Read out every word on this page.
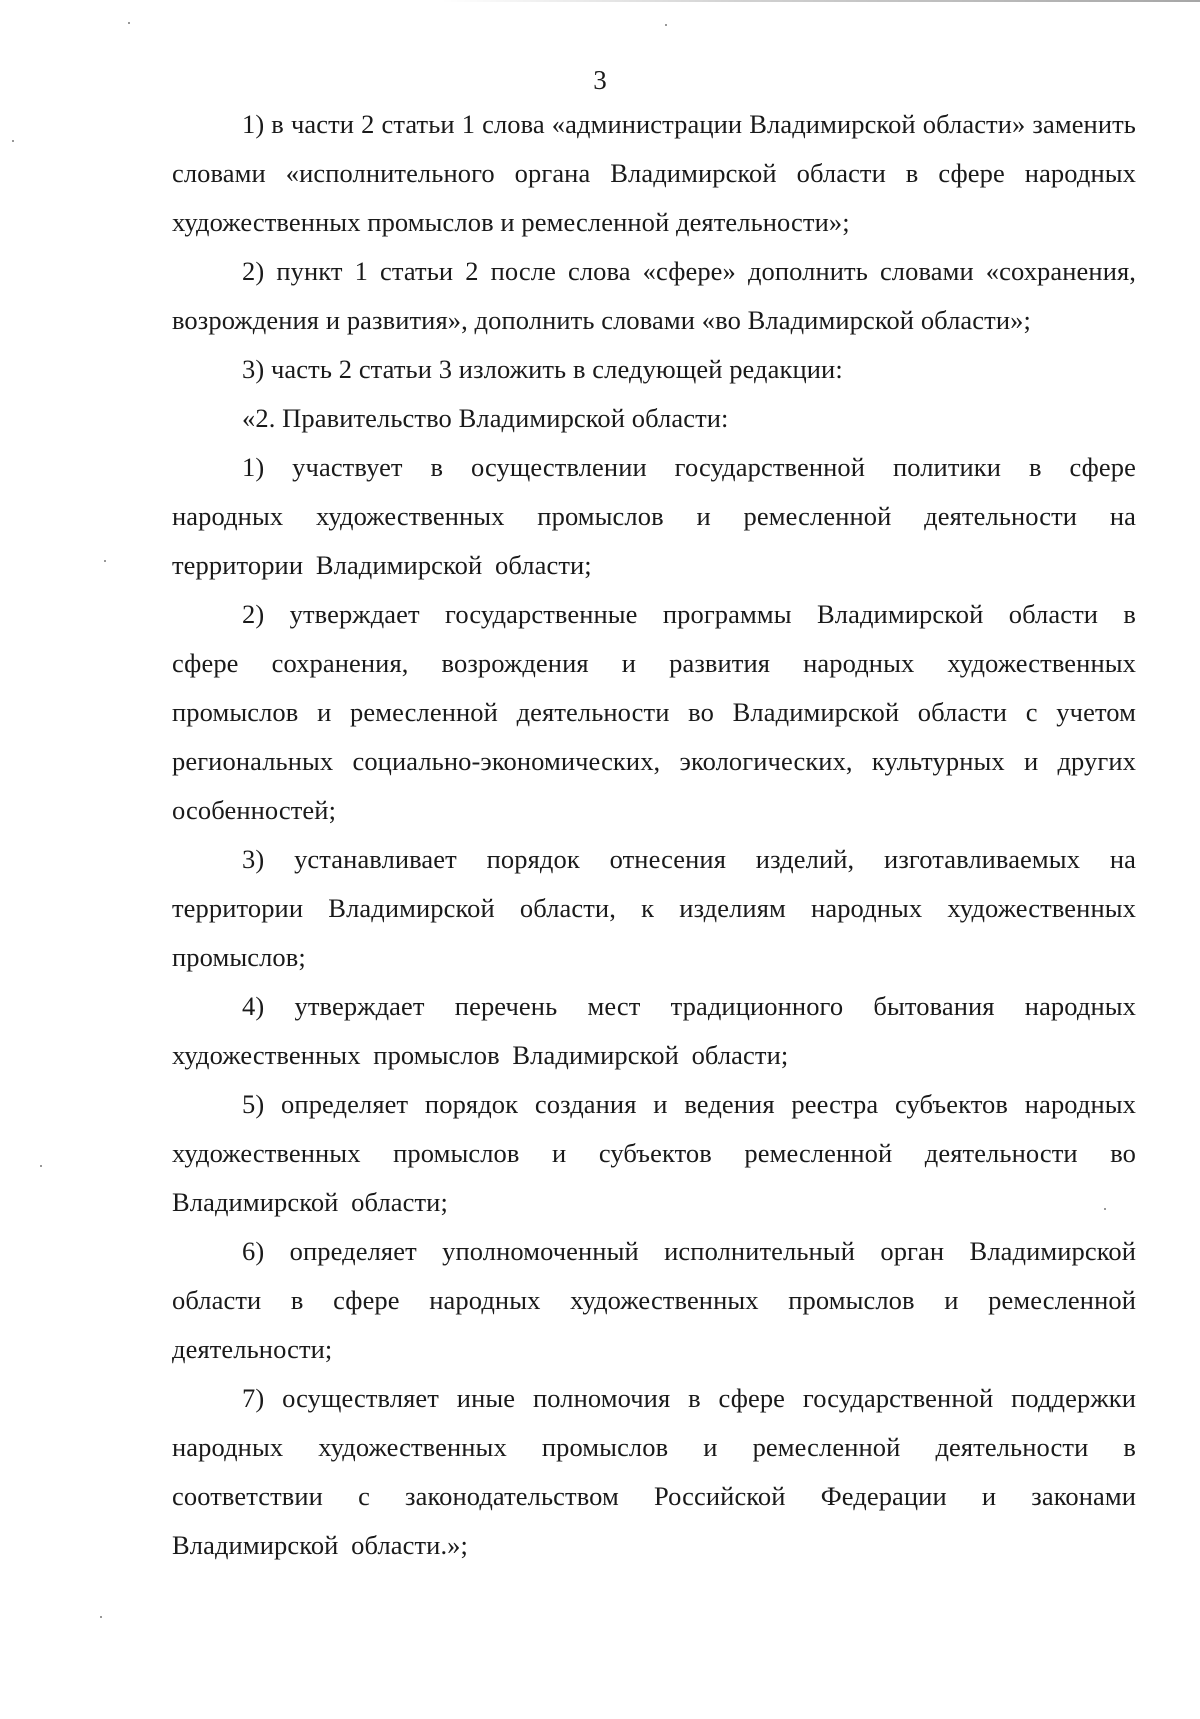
3

1) в части 2 статьи 1 слова «администрации Владимирской области» заменить словами «исполнительного органа Владимирской области в сфере народных художественных промыслов и ремесленной деятельности»;

2) пункт 1 статьи 2 после слова «сфере» дополнить словами «сохранения, возрождения и развития», дополнить словами «во Владимирской области»;

3) часть 2 статьи 3 изложить в следующей редакции:

«2. Правительство Владимирской области:

1) участвует в осуществлении государственной политики в сфере народных художественных промыслов и ремесленной деятельности на территории Владимирской области;

2) утверждает государственные программы Владимирской области в сфере сохранения, возрождения и развития народных художественных промыслов и ремесленной деятельности во Владимирской области с учетом региональных социально-экономических, экологических, культурных и других особенностей;

3) устанавливает порядок отнесения изделий, изготавливаемых на территории Владимирской области, к изделиям народных художественных промыслов;

4) утверждает перечень мест традиционного бытования народных художественных промыслов Владимирской области;

5) определяет порядок создания и ведения реестра субъектов народных художественных промыслов и субъектов ремесленной деятельности во Владимирской области;

6) определяет уполномоченный исполнительный орган Владимирской области в сфере народных художественных промыслов и ремесленной деятельности;

7) осуществляет иные полномочия в сфере государственной поддержки народных художественных промыслов и ремесленной деятельности в соответствии с законодательством Российской Федерации и законами Владимирской области.»;
